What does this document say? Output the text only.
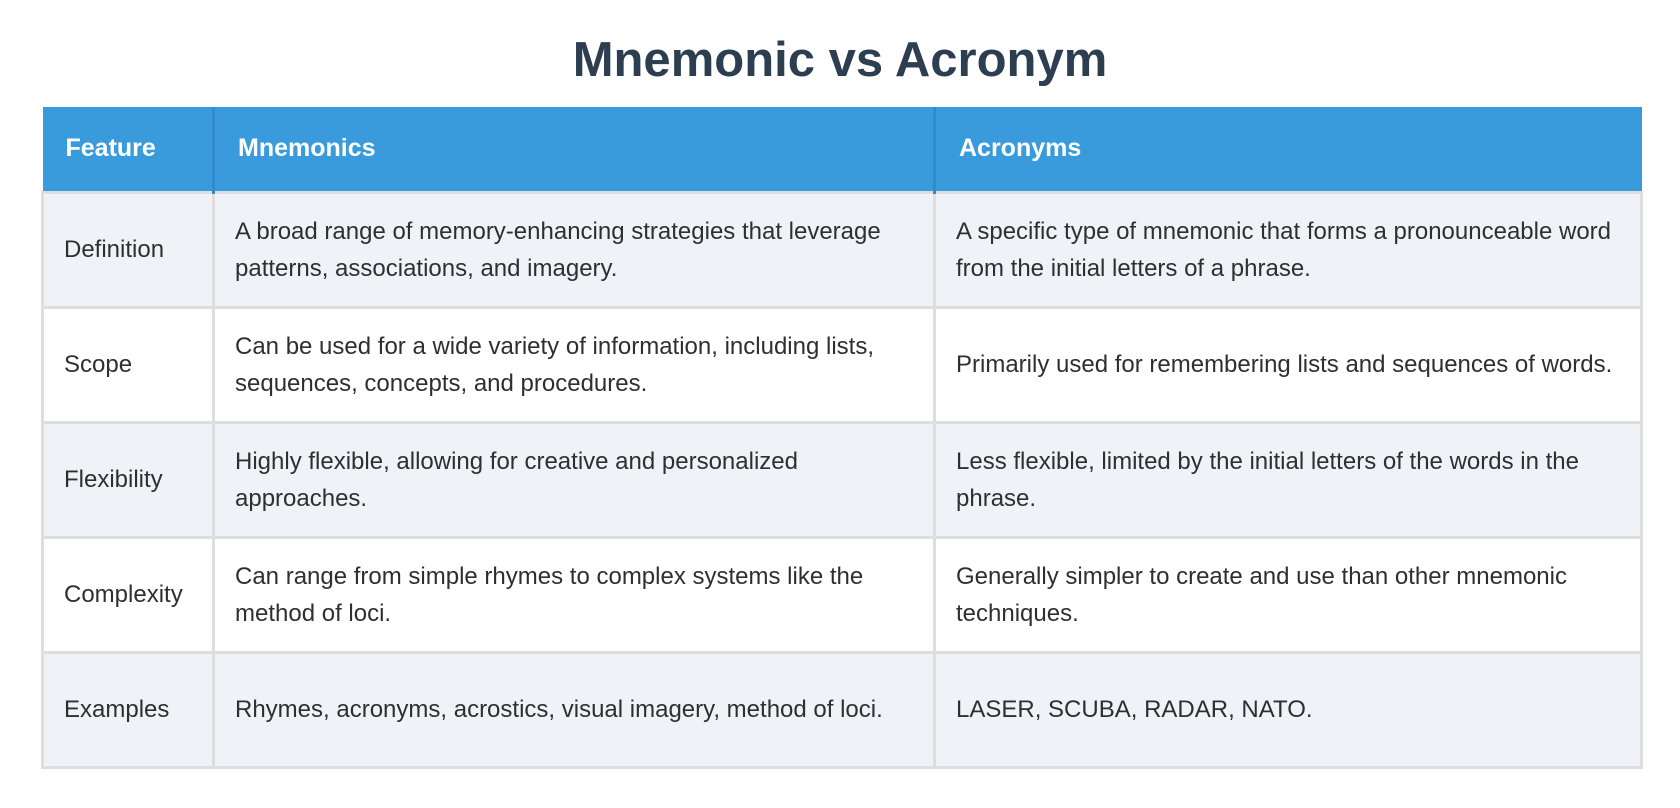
Mnemonic vs Acronym
Feature	Mnemonics	Acronyms
Definition	A broad range of memory-enhancing strategies that leverage patterns, associations, and imagery.	A specific type of mnemonic that forms a pronounceable word from the initial letters of a phrase.
Scope	Can be used for a wide variety of information, including lists, sequences, concepts, and procedures.	Primarily used for remembering lists and sequences of words.
Flexibility	Highly flexible, allowing for creative and personalized approaches.	Less flexible, limited by the initial letters of the words in the phrase.
Complexity	Can range from simple rhymes to complex systems like the method of loci.	Generally simpler to create and use than other mnemonic techniques.
Examples	Rhymes, acronyms, acrostics, visual imagery, method of loci.	LASER, SCUBA, RADAR, NATO.
